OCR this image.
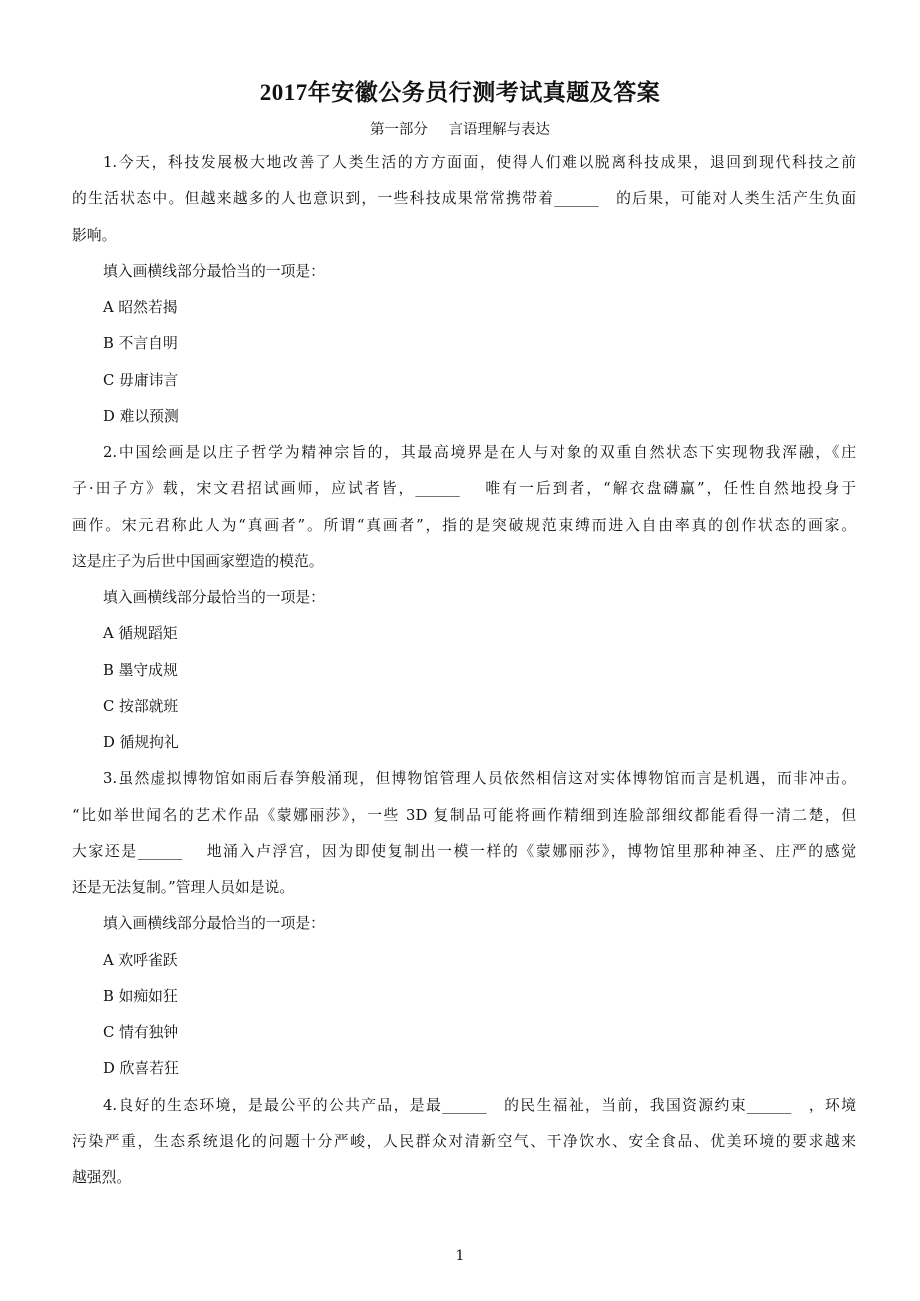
2017年安徽公务员行测考试真题及答案
第一部分 言语理解与表达
1.今天，科技发展极大地改善了人类生活的方方面面，使得人们难以脱离科技成果，退回到现代科技之前
的生活状态中。但越来越多的人也意识到，一些科技成果常常携带着______　的后果，可能对人类生活产生负面
影响。
填入画横线部分最恰当的一项是：
A 昭然若揭
B 不言自明
C 毋庸讳言
D 难以预测
2.中国绘画是以庄子哲学为精神宗旨的，其最高境界是在人与对象的双重自然状态下实现物我浑融，《庄
子·田子方》载，宋文君招试画师，应试者皆，______　 唯有一后到者，“解衣盘礴赢”，任性自然地投身于
画作。宋元君称此人为“真画者”。所谓“真画者”，指的是突破规范束缚而进入自由率真的创作状态的画家。
这是庄子为后世中国画家塑造的模范。
填入画横线部分最恰当的一项是：
A 循规蹈矩
B 墨守成规
C 按部就班
D 循规拘礼
3.虽然虚拟博物馆如雨后春笋般涌现，但博物馆管理人员依然相信这对实体博物馆而言是机遇，而非冲击。
“比如举世闻名的艺术作品《蒙娜丽莎》，一些 3D 复制品可能将画作精细到连脸部细纹都能看得一清二楚，但
大家还是______　 地涌入卢浮宫，因为即使复制出一模一样的《蒙娜丽莎》，博物馆里那种神圣、庄严的感觉
还是无法复制。”管理人员如是说。
填入画横线部分最恰当的一项是：
A 欢呼雀跃
B 如痴如狂
C 情有独钟
D 欣喜若狂
4.良好的生态环境，是最公平的公共产品，是最______　的民生福祉，当前，我国资源约束______　，环境
污染严重，生态系统退化的问题十分严峻，人民群众对清新空气、干净饮水、安全食品、优美环境的要求越来
越强烈。
1
